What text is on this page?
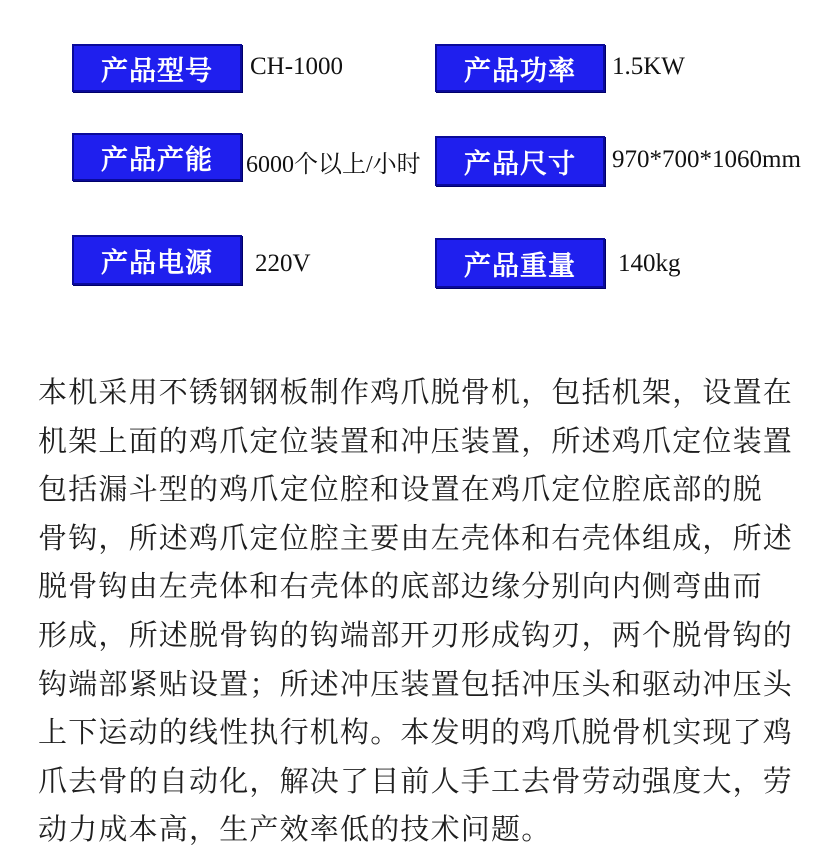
产品型号	CH-1000	产品功率	1.5KW
产品产能	6000个以上/小时	产品尺寸	970*700*1060mm
产品电源	220V	产品重量	140kg

本机采用不锈钢钢板制作鸡爪脱骨机，包括机架，设置在
机架上面的鸡爪定位装置和冲压装置，所述鸡爪定位装置
包括漏斗型的鸡爪定位腔和设置在鸡爪定位腔底部的脱
骨钩，所述鸡爪定位腔主要由左壳体和右壳体组成，所述
脱骨钩由左壳体和右壳体的底部边缘分别向内侧弯曲而
形成，所述脱骨钩的钩端部开刃形成钩刃，两个脱骨钩的
钩端部紧贴设置；所述冲压装置包括冲压头和驱动冲压头
上下运动的线性执行机构。本发明的鸡爪脱骨机实现了鸡
爪去骨的自动化，解决了目前人手工去骨劳动强度大，劳
动力成本高，生产效率低的技术问题。
